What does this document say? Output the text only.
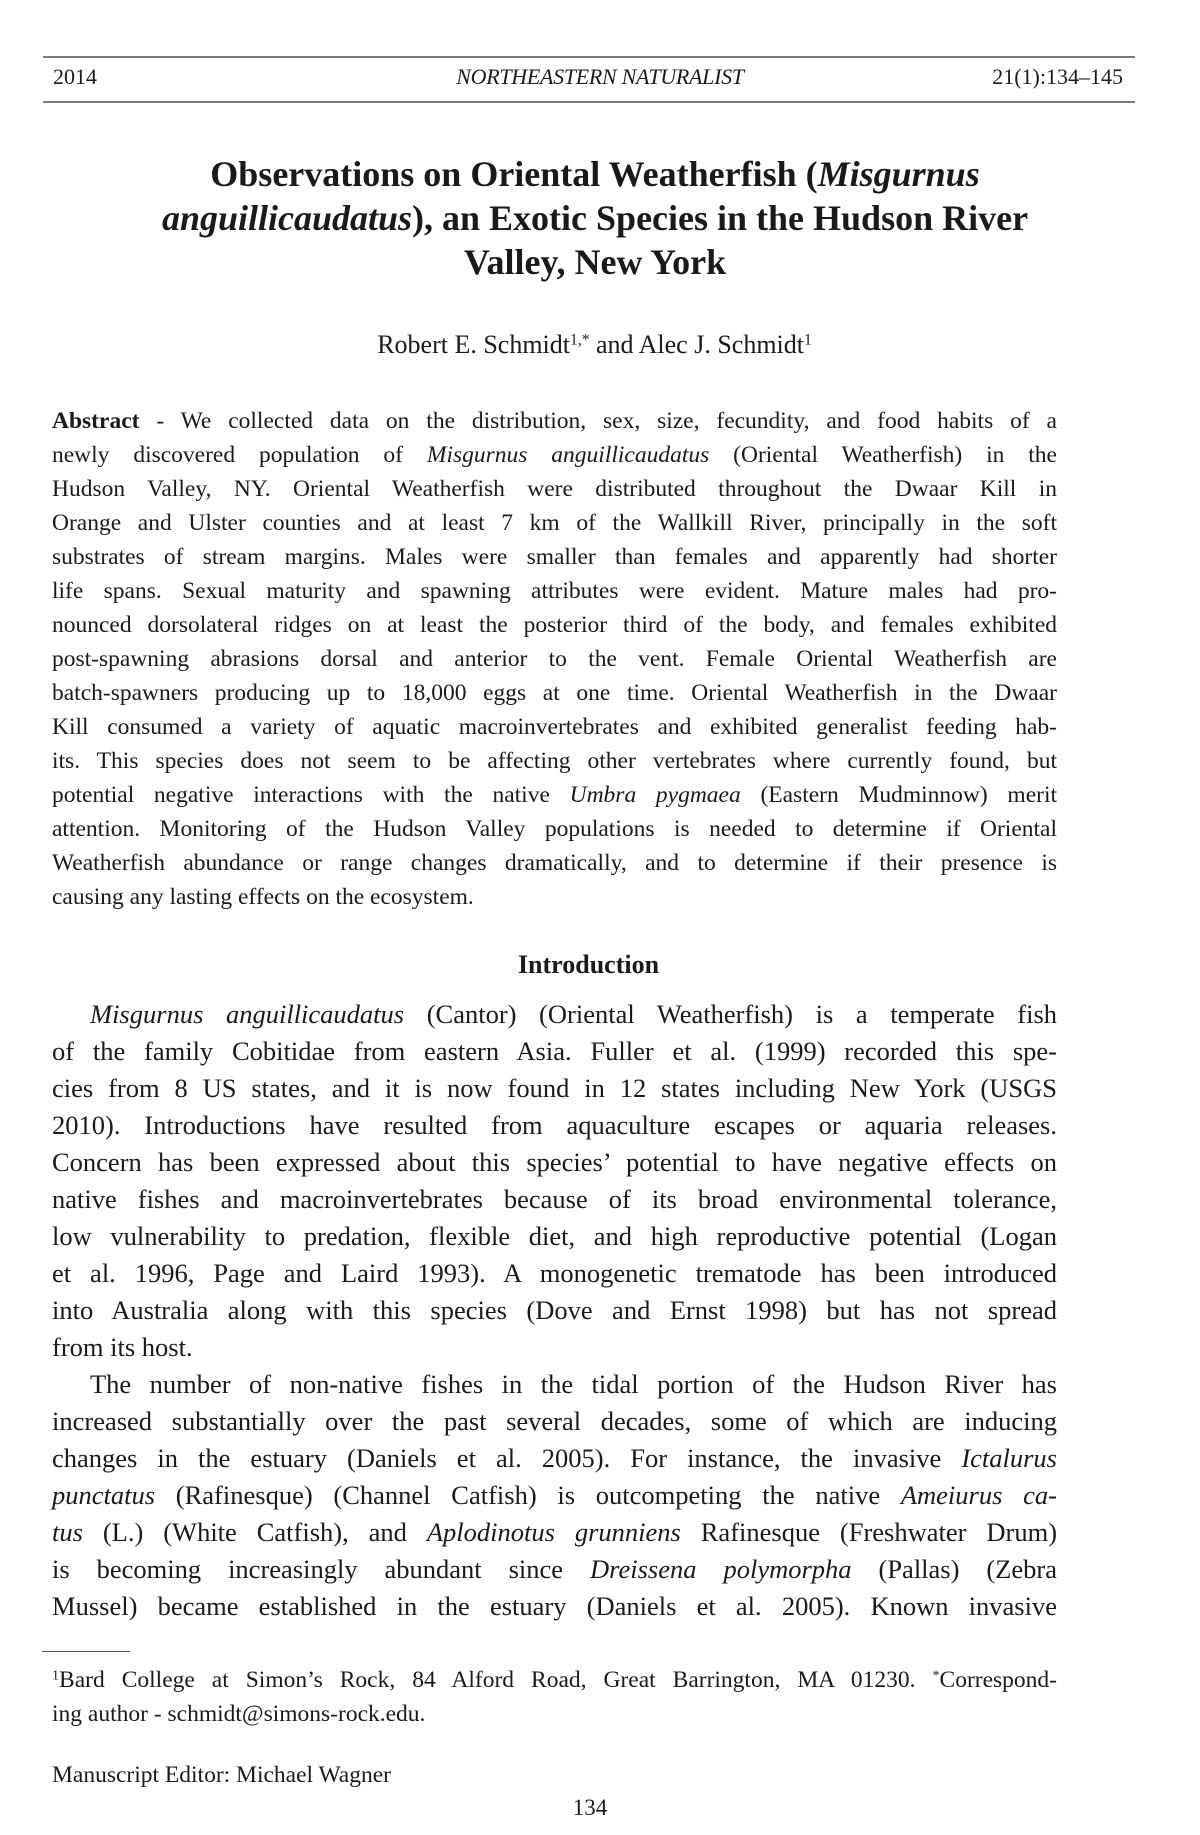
2014	NORTHEASTERN NATURALIST	21(1):134–145
Observations on Oriental Weatherfish (Misgurnus
anguillicaudatus), an Exotic Species in the Hudson River
Valley, New York
Robert E. Schmidt$^{1,*}$ and Alec J. Schmidt$^1$
Abstract - We collected data on the distribution, sex, size, fecundity, and food habits of a
newly discovered population of Misgurnus anguillicaudatus (Oriental Weatherfish) in the
Hudson Valley, NY. Oriental Weatherfish were distributed throughout the Dwaar Kill in
Orange and Ulster counties and at least 7 km of the Wallkill River, principally in the soft
substrates of stream margins. Males were smaller than females and apparently had shorter
life spans. Sexual maturity and spawning attributes were evident. Mature males had pro-
nounced dorsolateral ridges on at least the posterior third of the body, and females exhibited
post-spawning abrasions dorsal and anterior to the vent. Female Oriental Weatherfish are
batch-spawners producing up to 18,000 eggs at one time. Oriental Weatherfish in the Dwaar
Kill consumed a variety of aquatic macroinvertebrates and exhibited generalist feeding hab-
its. This species does not seem to be affecting other vertebrates where currently found, but
potential negative interactions with the native Umbra pygmaea (Eastern Mudminnow) merit
attention. Monitoring of the Hudson Valley populations is needed to determine if Oriental
Weatherfish abundance or range changes dramatically, and to determine if their presence is
causing any lasting effects on the ecosystem.
Introduction
Misgurnus anguillicaudatus (Cantor) (Oriental Weatherfish) is a temperate fish
of the family Cobitidae from eastern Asia. Fuller et al. (1999) recorded this spe-
cies from 8 US states, and it is now found in 12 states including New York (USGS
2010). Introductions have resulted from aquaculture escapes or aquaria releases.
Concern has been expressed about this species’ potential to have negative effects on
native fishes and macroinvertebrates because of its broad environmental tolerance,
low vulnerability to predation, flexible diet, and high reproductive potential (Logan
et al. 1996, Page and Laird 1993). A monogenetic trematode has been introduced
into Australia along with this species (Dove and Ernst 1998) but has not spread
from its host.
The number of non-native fishes in the tidal portion of the Hudson River has
increased substantially over the past several decades, some of which are inducing
changes in the estuary (Daniels et al. 2005). For instance, the invasive Ictalurus
punctatus (Rafinesque) (Channel Catfish) is outcompeting the native Ameiurus ca-
tus (L.) (White Catfish), and Aplodinotus grunniens Rafinesque (Freshwater Drum)
is becoming increasingly abundant since Dreissena polymorpha (Pallas) (Zebra
Mussel) became established in the estuary (Daniels et al. 2005). Known invasive
$^1$Bard College at Simon’s Rock, 84 Alford Road, Great Barrington, MA 01230. *Correspond-
ing author - schmidt@simons-rock.edu.
Manuscript Editor: Michael Wagner
134
